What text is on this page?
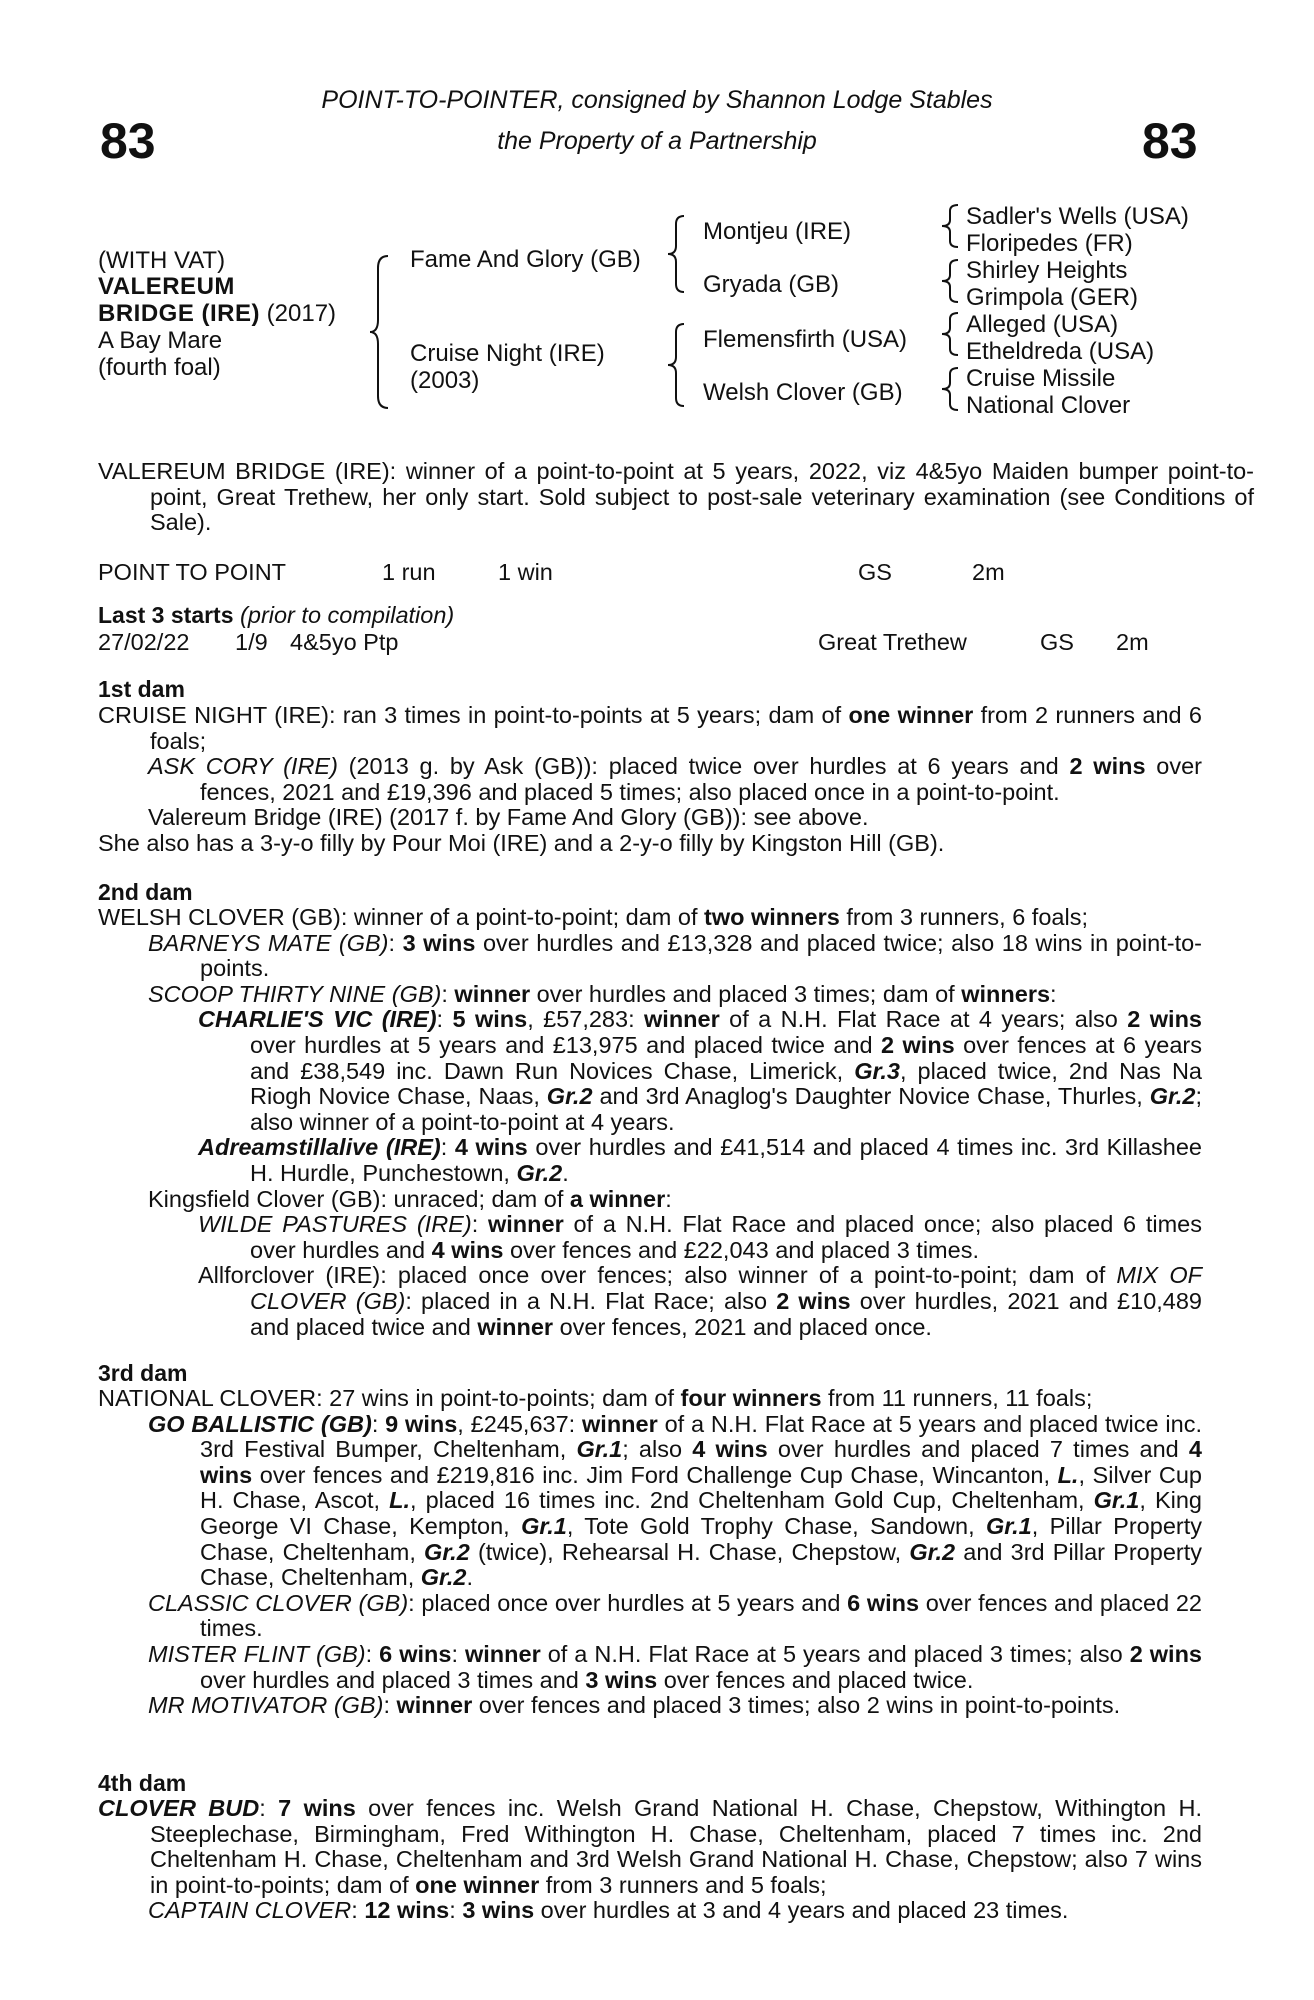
83	83
POINT-TO-POINTER, consigned by Shannon Lodge Stables
the Property of a Partnership
(WITH VAT)
VALEREUM
BRIDGE (IRE) (2017)
A Bay Mare
(fourth foal)
Fame And Glory (GB)
Cruise Night (IRE)
(2003)
Montjeu (IRE)
Gryada (GB)
Flemensfirth (USA)
Welsh Clover (GB)
Sadler's Wells (USA)
Floripedes (FR)
Shirley Heights
Grimpola (GER)
Alleged (USA)
Etheldreda (USA)
Cruise Missile
National Clover

VALEREUM BRIDGE (IRE): winner of a point-to-point at 5 years, 2022, viz 4&5yo Maiden bumper point-to-point, Great Trethew, her only start. Sold subject to post-sale veterinary examination (see Conditions of Sale).

POINT TO POINT	1 run	1 win	GS	2m
Last 3 starts (prior to compilation)
27/02/22 1/9 4&5yo Ptp	Great Trethew	GS 2m
1st dam

CRUISE NIGHT (IRE): ran 3 times in point-to-points at 5 years; dam of one winner from 2 runners and 6 foals;

ASK CORY (IRE) (2013 g. by Ask (GB)): placed twice over hurdles at 6 years and 2 wins over fences, 2021 and £19,396 and placed 5 times; also placed once in a point-to-point.

Valereum Bridge (IRE) (2017 f. by Fame And Glory (GB)): see above.

She also has a 3-y-o filly by Pour Moi (IRE) and a 2-y-o filly by Kingston Hill (GB).

2nd dam

WELSH CLOVER (GB): winner of a point-to-point; dam of two winners from 3 runners, 6 foals;

BARNEYS MATE (GB): 3 wins over hurdles and £13,328 and placed twice; also 18 wins in point-to-points.

SCOOP THIRTY NINE (GB): winner over hurdles and placed 3 times; dam of winners:

CHARLIE'S VIC (IRE): 5 wins, £57,283: winner of a N.H. Flat Race at 4 years; also 2 wins over hurdles at 5 years and £13,975 and placed twice and 2 wins over fences at 6 years and £38,549 inc. Dawn Run Novices Chase, Limerick, Gr.3, placed twice, 2nd Nas Na Riogh Novice Chase, Naas, Gr.2 and 3rd Anaglog's Daughter Novice Chase, Thurles, Gr.2; also winner of a point-to-point at 4 years.

Adreamstillalive (IRE): 4 wins over hurdles and £41,514 and placed 4 times inc. 3rd Killashee H. Hurdle, Punchestown, Gr.2.

Kingsfield Clover (GB): unraced; dam of a winner:

WILDE PASTURES (IRE): winner of a N.H. Flat Race and placed once; also placed 6 times over hurdles and 4 wins over fences and £22,043 and placed 3 times.

Allforclover (IRE): placed once over fences; also winner of a point-to-point; dam of MIX OF CLOVER (GB): placed in a N.H. Flat Race; also 2 wins over hurdles, 2021 and £10,489 and placed twice and winner over fences, 2021 and placed once.

3rd dam

NATIONAL CLOVER: 27 wins in point-to-points; dam of four winners from 11 runners, 11 foals;

GO BALLISTIC (GB): 9 wins, £245,637: winner of a N.H. Flat Race at 5 years and placed twice inc. 3rd Festival Bumper, Cheltenham, Gr.1; also 4 wins over hurdles and placed 7 times and 4 wins over fences and £219,816 inc. Jim Ford Challenge Cup Chase, Wincanton, L., Silver Cup H. Chase, Ascot, L., placed 16 times inc. 2nd Cheltenham Gold Cup, Cheltenham, Gr.1, King George VI Chase, Kempton, Gr.1, Tote Gold Trophy Chase, Sandown, Gr.1, Pillar Property Chase, Cheltenham, Gr.2 (twice), Rehearsal H. Chase, Chepstow, Gr.2 and 3rd Pillar Property Chase, Cheltenham, Gr.2.

CLASSIC CLOVER (GB): placed once over hurdles at 5 years and 6 wins over fences and placed 22 times.

MISTER FLINT (GB): 6 wins: winner of a N.H. Flat Race at 5 years and placed 3 times; also 2 wins over hurdles and placed 3 times and 3 wins over fences and placed twice.

MR MOTIVATOR (GB): winner over fences and placed 3 times; also 2 wins in point-to-points.

4th dam

CLOVER BUD: 7 wins over fences inc. Welsh Grand National H. Chase, Chepstow, Withington H. Steeplechase, Birmingham, Fred Withington H. Chase, Cheltenham, placed 7 times inc. 2nd Cheltenham H. Chase, Cheltenham and 3rd Welsh Grand National H. Chase, Chepstow; also 7 wins in point-to-points; dam of one winner from 3 runners and 5 foals;

CAPTAIN CLOVER: 12 wins: 3 wins over hurdles at 3 and 4 years and placed 23 times.
